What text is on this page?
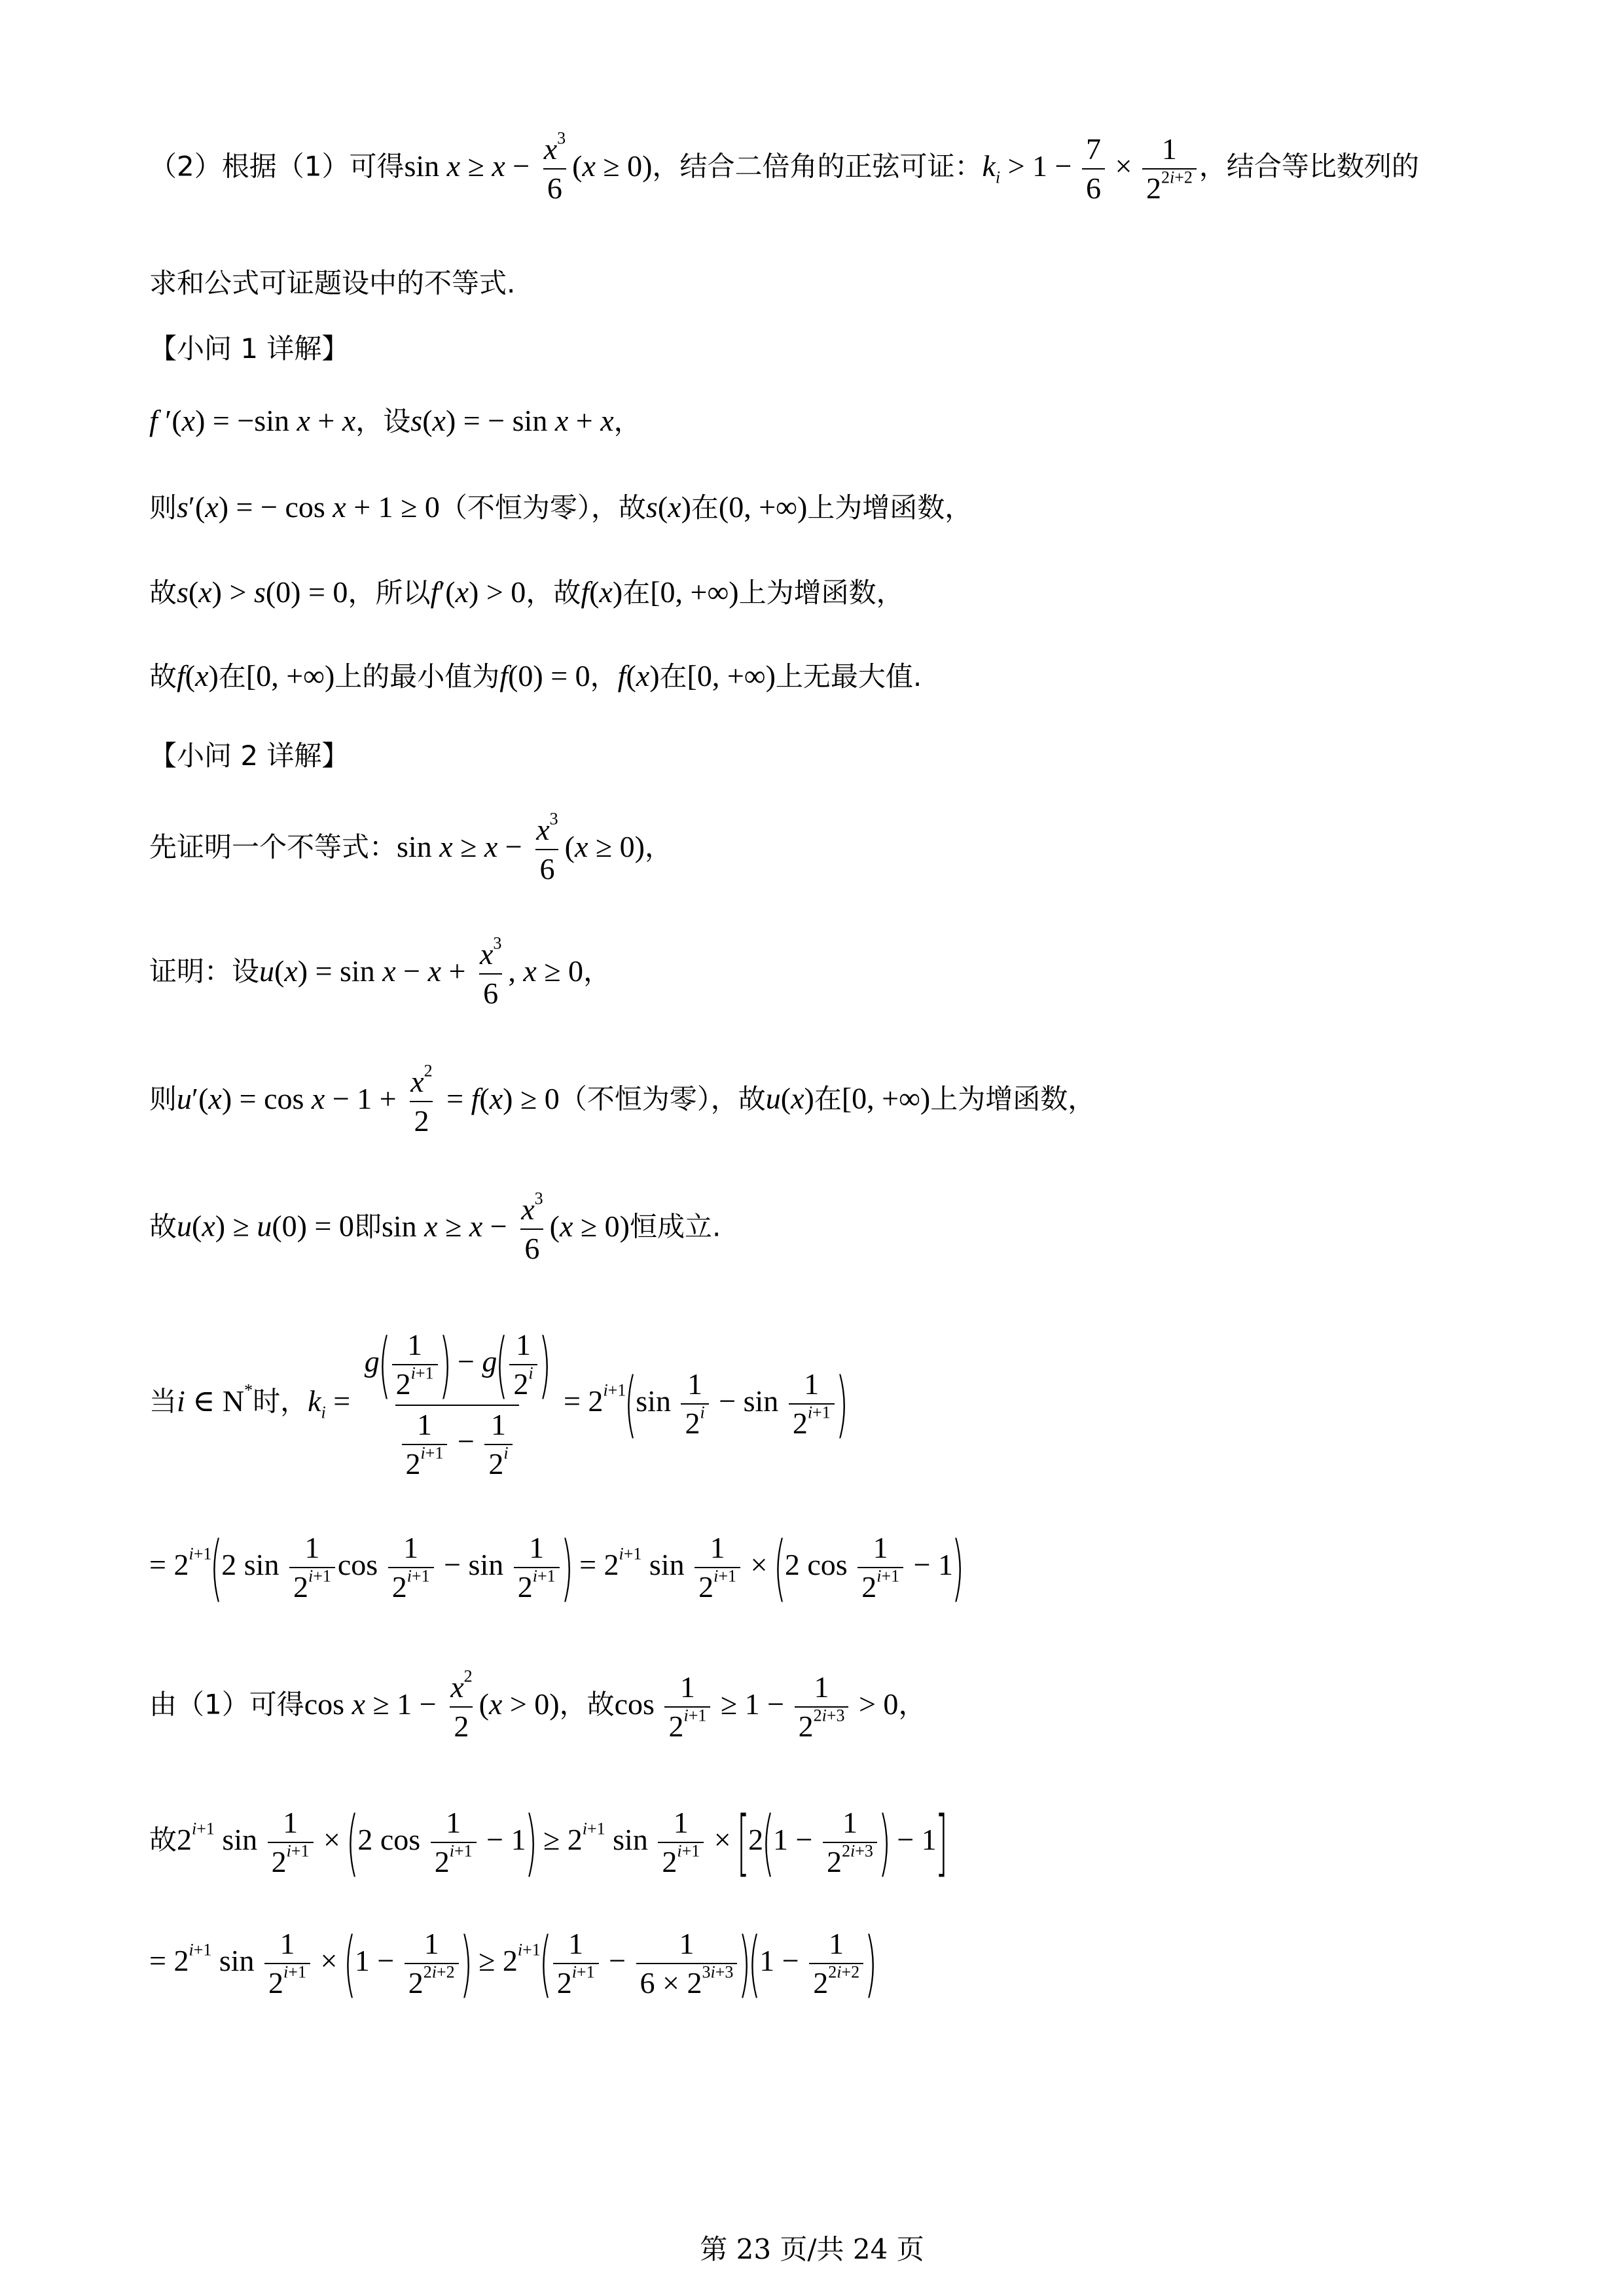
（2）根据（1）可得$\sin x \ge x - \frac{x^3}{6} (x \ge 0)$，结合二倍角的正弦可证：$k_i > 1 - \frac{7}{6} \times \frac{1}{2^{2i+2}}$ ，结合等比数列的
求和公式可证题设中的不等式.
【小问 1 详解】
f ′(x) = −sin x + x，设s(x) = − sin x + x，
则s′(x) = − cos x + 1 ≥ 0（不恒为零），故s(x)在(0, +∞)上为增函数，
故s(x) > s(0) = 0，所以f′(x) > 0，故f(x)在[0, +∞)上为增函数，
故f(x)在[0, +∞)上的最小值为f(0) = 0，f(x)在[0, +∞)上无最大值.
【小问 2 详解】
先证明一个不等式：$\sin x \ge x - \frac{x^3}{6} (x \ge 0)$，
证明：设$u(x) = \sin x - x + \frac{x^3}{6}$ , x ≥ 0，
则$u'(x) = \cos x - 1 + \frac{x^2}{2} = f(x) \ge 0$（不恒为零），故u(x)在[0, +∞)上为增函数，
故u(x) ≥ u(0) = 0即$\sin x \ge x - \frac{x^3}{6} (x \ge 0)$恒成立.
当i ∈ N*时，$k_i = \frac{g( \frac{1}{2^{i+1}} ) - g( \frac{1}{2^i} )}{\frac{1}{2^{i+1}} - \frac{1}{2^i}} = 2^{i+1}(\sin \frac{1}{2^i} - \sin \frac{1}{2^{i+1}}$ )
= $2^{i+1}(2$ $\sin \frac{1}{2^{i+1}}$ $\cos \frac{1}{2^{i+1}} - \sin \frac{1}{2^{i+1}}$ ) = $2^{i+1}$ $\sin \frac{1}{2^{i+1}} \times (2$ $\cos \frac{1}{2^{i+1}} - 1$)
由（1）可得$\cos x \ge 1 - \frac{x^2}{2} (x > 0)$，故$\cos \frac{1}{2^{i+1}} \ge 1 - \frac{1}{2^{2i+3}} > 0$，
故$2^{i+1}$ $\sin \frac{1}{2^{i+1}} \times (2$ $\cos \frac{1}{2^{i+1}} - 1) \ge 2^{i+1}$ $\sin \frac{1}{2^{i+1}} \times [2(1 - \frac{1}{2^{2i+3}}$ ) − 1]
= $2^{i+1}$ $\sin \frac{1}{2^{i+1}} \times (1 - \frac{1}{2^{2i+2}}$ ) ≥ $2^{i+1}( \frac{1}{2^{i+1}} - \frac{1}{6 \times 2^{3i+3}} )(1 - \frac{1}{2^{2i+2}}$ )
第 23 页/共 24 页
